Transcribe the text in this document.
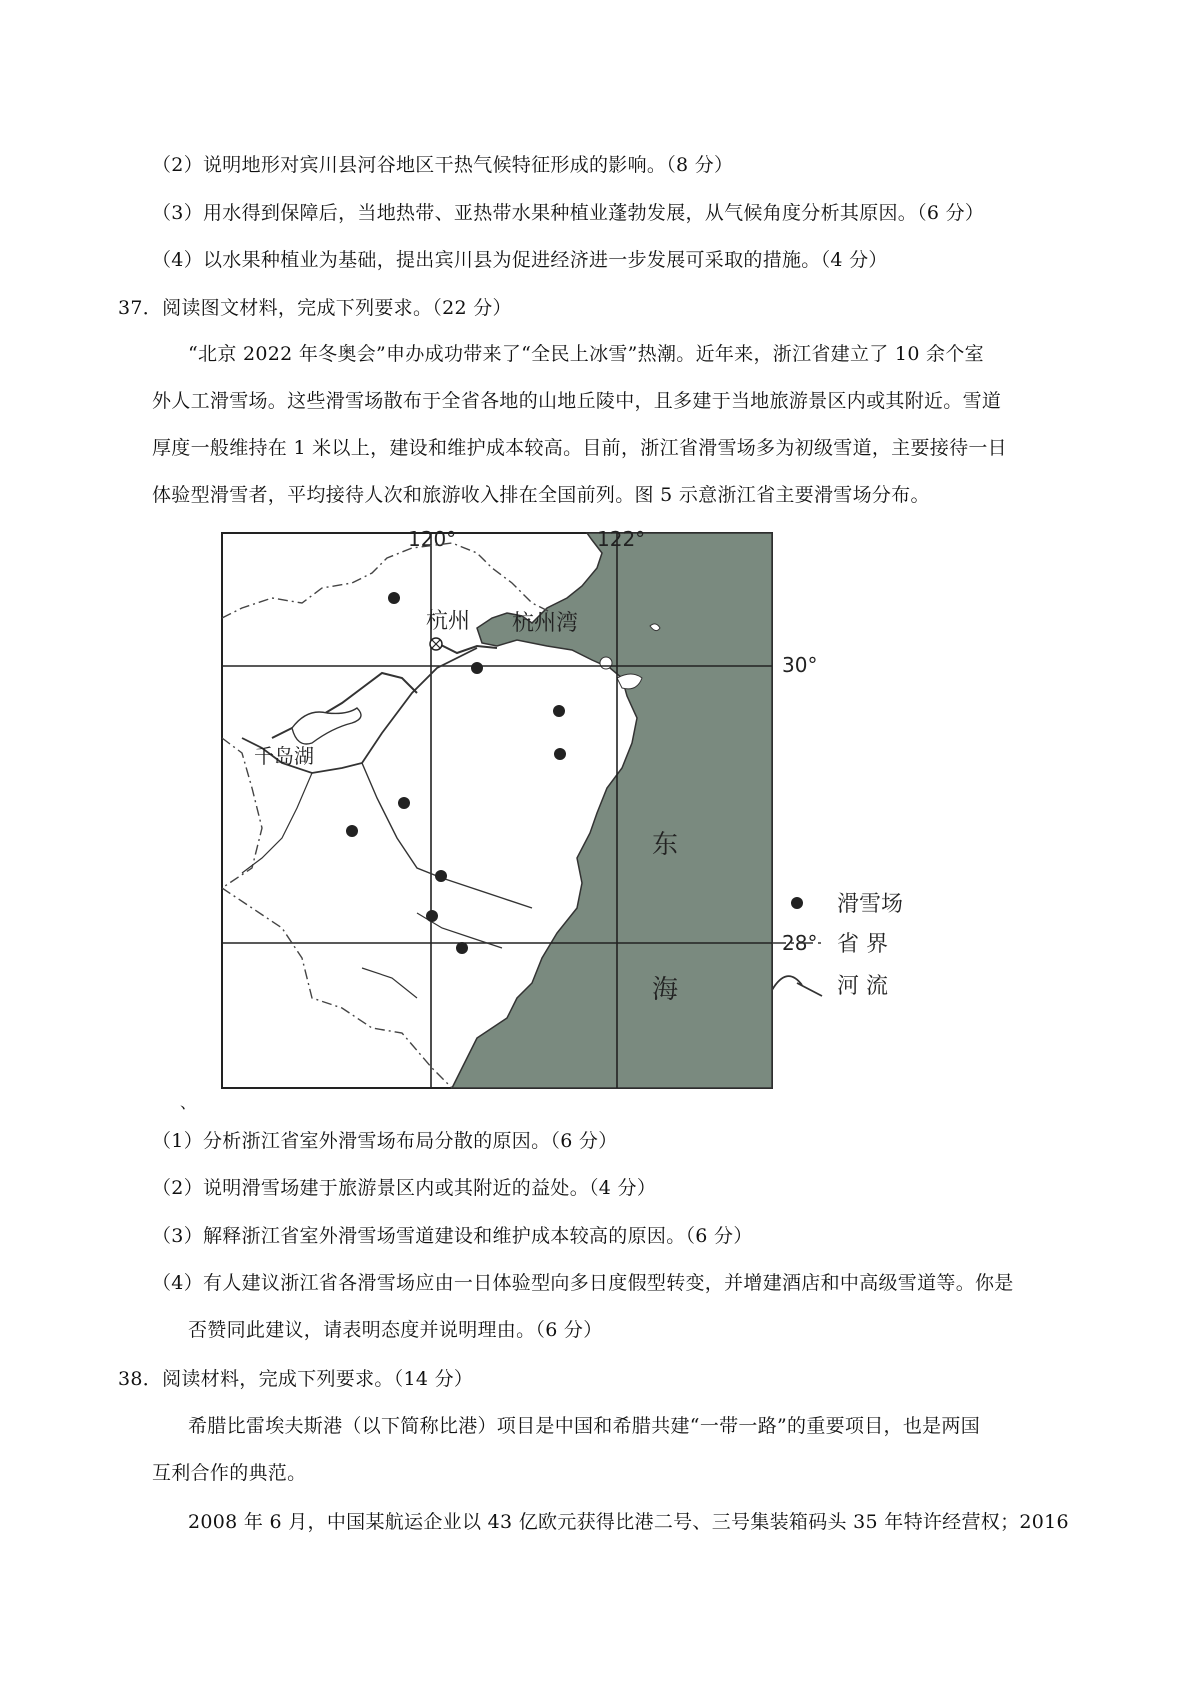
（2）说明地形对宾川县河谷地区干热气候特征形成的影响。（8 分）
（3）用水得到保障后，当地热带、亚热带水果种植业蓬勃发展，从气候角度分析其原因。（6 分）
（4）以水果种植业为基础，提出宾川县为促进经济进一步发展可采取的措施。（4 分）
37．阅读图文材料，完成下列要求。（22 分）
“北京 2022 年冬奥会”申办成功带来了“全民上冰雪”热潮。近年来，浙江省建立了 10 余个室
外人工滑雪场。这些滑雪场散布于全省各地的山地丘陵中，且多建于当地旅游景区内或其附近。雪道
厚度一般维持在 1 米以上，建设和维护成本较高。目前，浙江省滑雪场多为初级雪道，主要接待一日
体验型滑雪者，平均接待人次和旅游收入排在全国前列。图 5 示意浙江省主要滑雪场分布。
杭州湾
120°	122°
30°
28°
千岛湖
杭州
东
海
滑雪场
省 界
河 流
、
（1）分析浙江省室外滑雪场布局分散的原因。（6 分）
（2）说明滑雪场建于旅游景区内或其附近的益处。（4 分）
（3）解释浙江省室外滑雪场雪道建设和维护成本较高的原因。（6 分）
（4）有人建议浙江省各滑雪场应由一日体验型向多日度假型转变，并增建酒店和中高级雪道等。你是
否赞同此建议，请表明态度并说明理由。（6 分）
38．阅读材料，完成下列要求。（14 分）
希腊比雷埃夫斯港（以下简称比港）项目是中国和希腊共建“一带一路”的重要项目，也是两国
互利合作的典范。
2008 年 6 月，中国某航运企业以 43 亿欧元获得比港二号、三号集装箱码头 35 年特许经营权；2016
